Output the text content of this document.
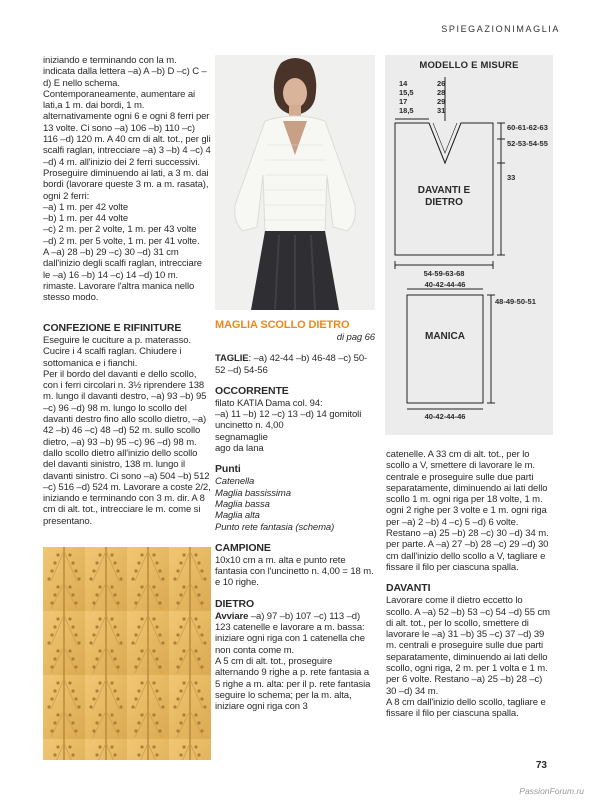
SPIEGAZIONIMAGLIA

iniziando e terminando con la m. indicata dalla lettera –a) A –b) D –c) C –d) E nello schema. Contemporaneamente, aumentare ai lati,a 1 m. dai bordi, 1 m. alternativamente ogni 6 e ogni 8 ferri per 13 volte. Ci sono –a) 106 –b) 110 –c) 116 –d) 120 m. A 40 cm di alt. tot., per gli scalfi raglan, intrecciare –a) 3 –b) 4 –c) 4 –d) 4 m. all'inizio dei 2 ferri successivi. Proseguire diminuendo ai lati, a 3 m. dai bordi (lavorare queste 3 m. a m. rasata), ogni 2 ferri:

–a) 1 m. per 42 volte

–b) 1 m. per 44 volte

–c) 2 m. per 2 volte, 1 m. per 43 volte

–d) 2 m. per 5 volte, 1 m. per 41 volte.

A –a) 28 –b) 29 –c) 30 –d) 31 cm dall'inizio degli scalfi raglan, intrecciare le –a) 16 –b) 14 –c) 14 –d) 10 m. rimaste. Lavorare l'altra manica nello stesso modo.

CONFEZIONE E RIFINITURE

Eseguire le cuciture a p. materasso. Cucire i 4 scalfi raglan. Chiudere i sottomanica e i fianchi.

Per il bordo del davanti e dello scollo, con i ferri circolari n. 3½ riprendere 138 m. lungo il davanti destro, –a) 93 –b) 95 –c) 96 –d) 98 m. lungo lo scollo del davanti destro fino allo scollo dietro, –a) 42 –b) 46 –c) 48 –d) 52 m. sullo scollo dietro, –a) 93 –b) 95 –c) 96 –d) 98 m. dallo scollo dietro all'inizio dello scollo del davanti sinistro, 138 m. lungo il davanti sinistro. Ci sono –a) 504 –b) 512 –c) 516 –d) 524 m. Lavorare a coste 2/2, iniziando e terminando con 3 m. dir. A 8 cm di alt. tot., intrecciare le m. come si presentano.

MAGLIA SCOLLO DIETRO

di pag 66

TAGLIE: –a) 42-44 –b) 46-48 –c) 50-52 –d) 54-56

OCCORRENTE

filato KATIA Dama col. 94:

–a) 11 –b) 12 –c) 13 –d) 14 gomitoli

uncinetto n. 4,00

segnamaglie

ago da lana

Punti

Catenella

Maglia bassissima

Maglia bassa

Maglia alta

Punto rete fantasia (schema)

CAMPIONE

10x10 cm a m. alta e punto rete fantasia con l'uncinetto n. 4,00 = 18 m. e 10 righe.

DIETRO

Avviare –a) 97 –b) 107 –c) 113 –d) 123 catenelle e lavorare a m. bassa: iniziare ogni riga con 1 catenella che non conta come m.

A 5 cm di alt. tot., proseguire alternando 9 righe a p. rete fantasia a 5 righe a m. alta: per il p. rete fantasia seguire lo schema; per la m. alta, iniziare ogni riga con 3

MODELLO E MISURE
14
15,5
17
18,5
26
28
29
31
60-61-62-63
52-53-54-55
33
DAVANTI E
DIETRO
54-59-63-68
40-42-44-46
48-49-50-51
MANICA
40-42-44-46

catenelle. A 33 cm di alt. tot., per lo scollo a V, smettere di lavorare le m. centrale e proseguire sulle due parti separatamente, diminuendo ai lati dello scollo 1 m. ogni riga per 18 volte, 1 m. ogni 2 righe per 3 volte e 1 m. ogni riga per –a) 2 –b) 4 –c) 5 –d) 6 volte.

Restano –a) 25 –b) 28 –c) 30 –d) 34 m. per parte. A –a) 27 –b) 28 –c) 29 –d) 30 cm dall'inizio dello scollo a V, tagliare e fissare il filo per ciascuna spalla.

DAVANTI

Lavorare come il dietro eccetto lo scollo. A –a) 52 –b) 53 –c) 54 –d) 55 cm di alt. tot., per lo scollo, smettere di lavorare le –a) 31 –b) 35 –c) 37 –d) 39 m. centrali e proseguire sulle due parti separatamente, diminuendo ai lati dello scollo, ogni riga, 2 m. per 1 volta e 1 m. per 6 volte. Restano –a) 25 –b) 28 –c) 30 –d) 34 m.

A 8 cm dall'inizio dello scollo, tagliare e fissare il filo per ciascuna spalla.

73
PassionForum.ru
